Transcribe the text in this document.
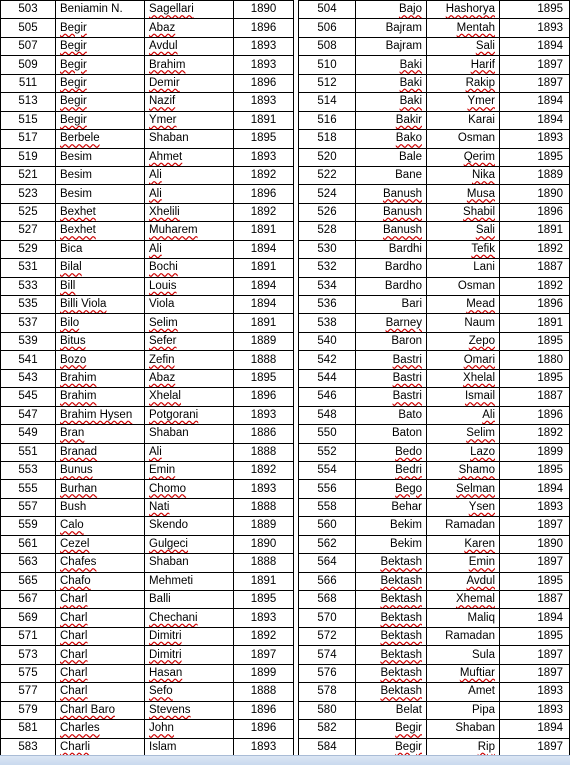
503	Beniamin N.	Sagellari	1890
505	Begir	Abaz	1896
507	Begir	Avdul	1893
509	Begir	Brahim	1893
511	Begir	Demir	1896
513	Begir	Nazif	1893
515	Begir	Ymer	1891
517	Berbele	Shaban	1895
519	Besim	Ahmet	1893
521	Besim	Ali	1892
523	Besim	Ali	1896
525	Bexhet	Xhelili	1892
527	Bexhet	Muharem	1891
529	Bica	Ali	1894
531	Bilal	Bochi	1891
533	Bill	Louis	1894
535	Billi Viola	Viola	1894
537	Bilo	Selim	1891
539	Bitus	Sefer	1889
541	Bozo	Zefin	1888
543	Brahim	Abaz	1895
545	Brahim	Xhelal	1896
547	Brahim Hysen	Potgorani	1893
549	Bran	Shaban	1886
551	Branad	Ali	1888
553	Bunus	Emin	1892
555	Burhan	Chomo	1893
557	Bush	Nati	1888
559	Calo	Skendo	1889
561	Cezel	Gulgeci	1890
563	Chafes	Shaban	1888
565	Chafo	Mehmeti	1891
567	Charl	Balli	1895
569	Charl	Chechani	1893
571	Charl	Dimitri	1892
573	Charl	Dimitri	1897
575	Charl	Hasan	1899
577	Charl	Sefo	1888
579	Charl Baro	Stevens	1896
581	Charles	John	1896
583	Charli	Islam	1893
504	Bajo	Hashorya	1895
506	Bajram	Mentah	1893
508	Bajram	Sali	1894
510	Baki	Harif	1897
512	Baki	Rakip	1897
514	Baki	Ymer	1894
516	Bakir	Karai	1894
518	Bako	Osman	1893
520	Bale	Qerim	1895
522	Bane	Nika	1889
524	Banush	Musa	1890
526	Banush	Shabil	1896
528	Banush	Sali	1891
530	Bardhi	Tefik	1892
532	Bardho	Lani	1887
534	Bardho	Osman	1892
536	Bari	Mead	1896
538	Barney	Naum	1891
540	Baron	Zepo	1895
542	Bastri	Omari	1880
544	Bastri	Xhelal	1895
546	Bastri	Ismail	1887
548	Bato	Ali	1896
550	Baton	Selim	1892
552	Bedo	Lazo	1899
554	Bedri	Shamo	1895
556	Bego	Selman	1894
558	Behar	Ysen	1893
560	Bekim	Ramadan	1897
562	Bekim	Karen	1890
564	Bektash	Emin	1897
566	Bektash	Avdul	1895
568	Bektash	Xhemal	1887
570	Bektash	Maliq	1894
572	Bektash	Ramadan	1895
574	Bektash	Sula	1897
576	Bektash	Muftiar	1897
578	Bektash	Amet	1893
580	Belat	Pipa	1893
582	Begir	Shaban	1894
584	Begir	Rip	1897
